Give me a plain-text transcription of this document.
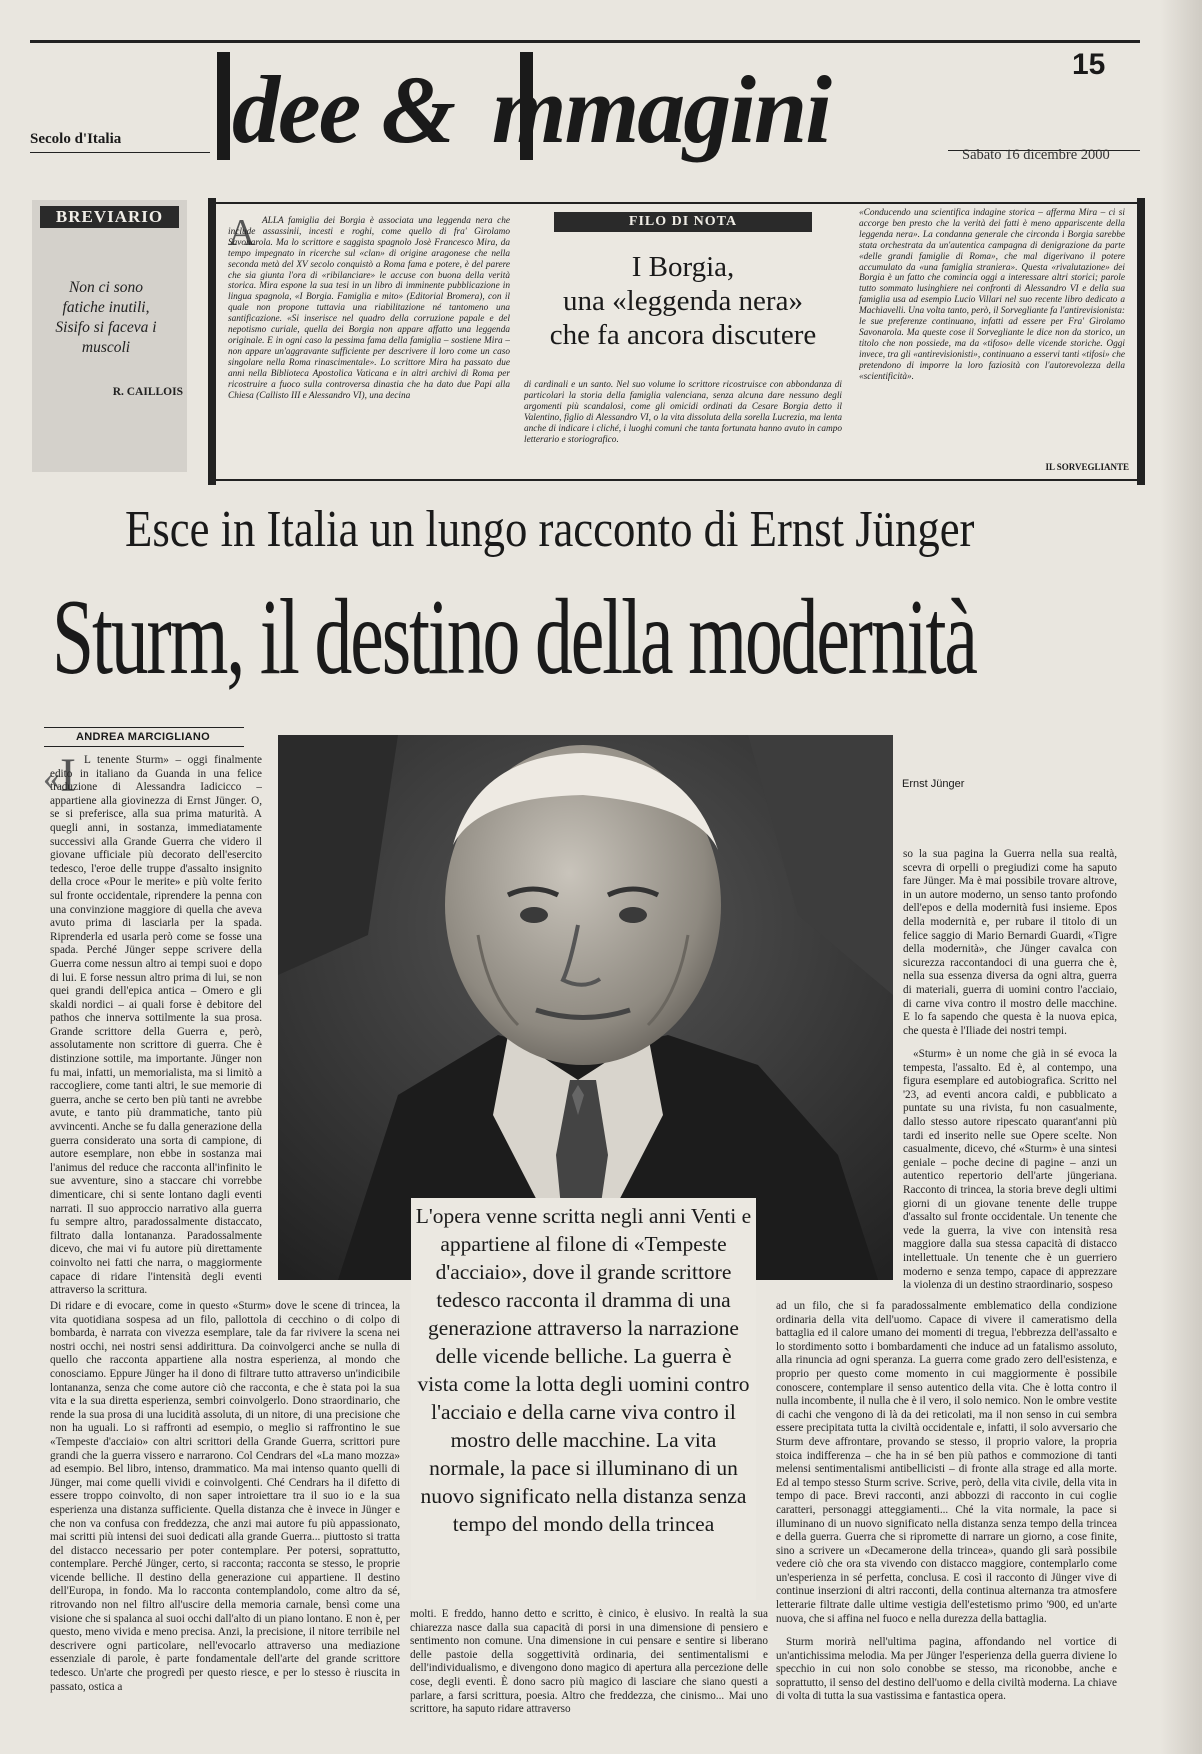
15
Secolo d'Italia dee & mmagini	Sabato 16 dicembre 2000
BREVIARIO
Non ci sono fatiche inutili, Sisifo si faceva i muscoli
R. CAILLOIS
A ALLA famiglia dei Borgia è associata una leggenda nera che include assassinii, incesti e roghi, come quello di fra' Girolamo Savonarola. Ma lo scrittore e saggista spagnolo Josè Francesco Mira, da tempo impegnato in ricerche sul «clan» di origine aragonese che nella seconda metà del XV secolo conquistò a Roma fama e potere, è del parere che sia giunta l'ora di «ribilanciare» le accuse con buona della verità storica. Mira espone la sua tesi in un libro di imminente pubblicazione in lingua spagnola, «I Borgia. Famiglia e mito» (Editorial Bromera), con il quale non propone tuttavia una riabilitazione né tantomeno una santificazione. «Si inserisce nel quadro della corruzione papale e del nepotismo curiale, quella dei Borgia non appare affatto una leggenda originale. E in ogni caso la pessima fama della famiglia – sostiene Mira – non appare un'aggravante sufficiente per descrivere il loro come un caso singolare nella Roma rinascimentale». Lo scrittore Mira ha passato due anni nella Biblioteca Apostolica Vaticana e in altri archivi di Roma per ricostruire a fuoco sulla controversa dinastia che ha dato due Papi alla Chiesa (Callisto III e Alessandro VI), una decina
FILO DI NOTA
I Borgia,
una «leggenda nera»
che fa ancora discutere
di cardinali e un santo. Nel suo volume lo scrittore ricostruisce con abbondanza di particolari la storia della famiglia valenciana, senza alcuna dare nessuno degli argomenti più scandalosi, come gli omicidi ordinati da Cesare Borgia detto il Valentino, figlio di Alessandro VI, o la vita dissoluta della sorella Lucrezia, ma lenta anche di indicare i cliché, i luoghi comuni che tanta fortunata hanno avuto in campo letterario e storiografico.
«Conducendo una scientifica indagine storica – afferma Mira – ci si accorge ben presto che la verità dei fatti è meno appariscente della leggenda nera». La condanna generale che circonda i Borgia sarebbe stata orchestrata da un'autentica campagna di denigrazione da parte «delle grandi famiglie di Roma», che mal digerivano il potere accumulato da «una famiglia straniera». Questa «rivalutazione» dei Borgia è un fatto che comincia oggi a interessare altri storici; parole tutto sommato lusinghiere nei confronti di Alessandro VI e della sua famiglia usa ad esempio Lucio Villari nel suo recente libro dedicato a Machiavelli. Una volta tanto, però, il Sorvegliante fa l'antirevisionista: le sue preferenze continuano, infatti ad essere per Fra' Girolamo Savonarola. Ma queste cose il Sorvegliante le dice non da storico, un titolo che non possiede, ma da «tifoso» delle vicende storiche. Oggi invece, tra gli «antirevisionisti», continuano a esservi tanti «tifosi» che pretendono di imporre la loro faziosità con l'autorevolezza della «scientificità».
IL SORVEGLIANTE
Esce in Italia un lungo racconto di Ernst Jünger
Sturm, il destino della modernità
ANDREA MARCIGLIANO
Ernst Jünger
L'opera venne scritta negli anni Venti e appartiene al filone di «Tempeste d'acciaio», dove il grande scrittore tedesco racconta il dramma di una generazione attraverso la narrazione delle vicende belliche. La guerra è vista come la lotta degli uomini contro l'acciaio e della carne viva contro il mostro delle macchine. La vita normale, la pace si illuminano di un nuovo significato nella distanza senza tempo del mondo della trincea
« I L tenente Sturm» – oggi finalmente edito in italiano da Guanda in una felice traduzione di Alessandra Iadicicco – appartiene alla giovinezza di Ernst Jünger. O, se si preferisce, alla sua prima maturità. A quegli anni, in sostanza, immediatamente successivi alla Grande Guerra che videro il giovane ufficiale più decorato dell'esercito tedesco, l'eroe delle truppe d'assalto insignito della croce «Pour le merite» e più volte ferito sul fronte occidentale, riprendere la penna con una convinzione maggiore di quella che aveva avuto prima di lasciarla per la spada. Riprenderla ed usarla però come se fosse una spada. Perché Jünger seppe scrivere della Guerra come nessun altro ai tempi suoi e dopo di lui. E forse nessun altro prima di lui, se non quei grandi dell'epica antica – Omero e gli skaldi nordici – ai quali forse è debitore del pathos che innerva sottilmente la sua prosa. Grande scrittore della Guerra e, però, assolutamente non scrittore di guerra. Che è distinzione sottile, ma importante. Jünger non fu mai, infatti, un memorialista, ma si limitò a raccogliere, come tanti altri, le sue memorie di guerra, anche se certo ben più tanti ne avrebbe avute, e tanto più drammatiche, tanto più avvincenti. Anche se fu dalla generazione della guerra considerato una sorta di campione, di autore esemplare, non ebbe in sostanza mai l'animus del reduce che racconta all'infinito le sue avventure, sino a staccare chi vorrebbe dimenticare, chi si sente lontano dagli eventi narrati. Il suo approccio narrativo alla guerra fu sempre altro, paradossalmente distaccato, filtrato dalla lontananza. Paradossalmente dicevo, che mai vi fu autore più direttamente coinvolto nei fatti che narra, o maggiormente capace di ridare l'intensità degli eventi attraverso la scrittura.
Di ridare e di evocare, come in questo «Sturm» dove le scene di trincea, la vita quotidiana sospesa ad un filo, pallottola di cecchino o di colpo di bombarda, è narrata con vivezza esemplare, tale da far rivivere la scena nei nostri occhi, nei nostri sensi addirittura. Da coinvolgerci anche se nulla di quello che racconta appartiene alla nostra esperienza, al mondo che conosciamo. Eppure Jünger ha il dono di filtrare tutto attraverso un'indicibile lontananza, senza che come autore ciò che racconta, e che è stata poi la sua vita e la sua diretta esperienza, sembri coinvolgerlo. Dono straordinario, che rende la sua prosa di una lucidità assoluta, di un nitore, di una precisione che non ha uguali. Lo si raffronti ad esempio, o meglio si raffrontino le sue «Tempeste d'acciaio» con altri scrittori della Grande Guerra, scrittori pure grandi che la guerra vissero e narrarono. Col Cendrars del «La mano mozza» ad esempio. Bel libro, intenso, drammatico. Ma mai intenso quanto quelli di Jünger, mai come quelli vividi e coinvolgenti. Ché Cendrars ha il difetto di essere troppo coinvolto, di non saper introiettare tra il suo io e la sua esperienza una distanza sufficiente. Quella distanza che è invece in Jünger e che non va confusa con freddezza, che anzi mai autore fu più appassionato, mai scritti più intensi dei suoi dedicati alla grande Guerra... piuttosto si tratta del distacco necessario per poter contemplare. Per potersi, soprattutto, contemplare. Perché Jünger, certo, si racconta; racconta se stesso, le proprie vicende belliche. Il destino della generazione cui appartiene. Il destino dell'Europa, in fondo. Ma lo racconta contemplandolo, come altro da sé, ritrovando non nel filtro all'uscire della memoria carnale, bensì come una visione che si spalanca al suoi occhi dall'alto di un piano lontano. E non è, per questo, meno vivida e meno precisa. Anzi, la precisione, il nitore terribile nel descrivere ogni particolare, nell'evocarlo attraverso una mediazione essenziale di parole, è parte fondamentale dell'arte del grande scrittore tedesco. Un'arte che progredì per questo riesce, e per lo stesso è riuscita in passato, ostica a
molti. E freddo, hanno detto e scritto, è cinico, è elusivo. In realtà la sua chiarezza nasce dalla sua capacità di porsi in una dimensione di pensiero e sentimento non comune. Una dimensione in cui pensare e sentire si liberano delle pastoie della soggettività ordinaria, dei sentimentalismi e dell'individualismo, e divengono dono magico di apertura alla percezione delle cose, degli eventi. È dono sacro più magico di lasciare che siano questi a parlare, a farsi scrittura, poesia. Altro che freddezza, che cinismo... Mai uno scrittore, ha saputo ridare attraverso
so la sua pagina la Guerra nella sua realtà, scevra di orpelli o pregiudizi come ha saputo fare Jünger. Ma è mai possibile trovare altrove, in un autore moderno, un senso tanto profondo dell'epos e della modernità fusi insieme. Epos della modernità e, per rubare il titolo di un felice saggio di Mario Bernardi Guardi, «Tigre della modernità», che Jünger cavalca con sicurezza raccontandoci di una guerra che è, nella sua essenza diversa da ogni altra, guerra di materiali, guerra di uomini contro l'acciaio, di carne viva contro il mostro delle macchine. E lo fa sapendo che questa è la nuova epica, che questa è l'Iliade dei nostri tempi.
«Sturm» è un nome che già in sé evoca la tempesta, l'assalto. Ed è, al contempo, una figura esemplare ed autobiografica. Scritto nel '23, ad eventi ancora caldi, e pubblicato a puntate su una rivista, fu non casualmente, dallo stesso autore ripescato quarant'anni più tardi ed inserito nelle sue Opere scelte. Non casualmente, dicevo, ché «Sturm» è una sintesi geniale – poche decine di pagine – anzi un autentico repertorio dell'arte jüngeriana. Racconto di trincea, la storia breve degli ultimi giorni di un giovane tenente delle truppe d'assalto sul fronte occidentale. Un tenente che vede la guerra, la vive con intensità resa maggiore dalla sua stessa capacità di distacco intellettuale. Un tenente che è un guerriero moderno e senza tempo, capace di apprezzare la violenza di un destino straordinario, sospeso
ad un filo, che si fa paradossalmente emblematico della condizione ordinaria della vita dell'uomo. Capace di vivere il cameratismo della battaglia ed il calore umano dei momenti di tregua, l'ebbrezza dell'assalto e lo stordimento sotto i bombardamenti che induce ad un fatalismo assoluto, alla rinuncia ad ogni speranza. La guerra come grado zero dell'esistenza, e proprio per questo come momento in cui maggiormente è possibile conoscere, contemplare il senso autentico della vita. Che è lotta contro il nulla incombente, il nulla che è il vero, il solo nemico. Non le ombre vestite di cachi che vengono di là da dei reticolati, ma il non senso in cui sembra essere precipitata tutta la civiltà occidentale e, infatti, il solo avversario che Sturm deve affrontare, provando se stesso, il proprio valore, la propria stoica indifferenza – che ha in sé ben più pathos e commozione di tanti melensi sentimentalismi antibellicisti – di fronte alla strage ed alla morte. Ed al tempo stesso Sturm scrive. Scrive, però, della vita civile, della vita in tempo di pace. Brevi racconti, anzi abbozzi di racconto in cui coglie caratteri, personaggi atteggiamenti... Ché la vita normale, la pace si illuminano di un nuovo significato nella distanza senza tempo della trincea e della guerra. Guerra che si ripromette di narrare un giorno, a cose finite, sino a scrivere un «Decamerone della trincea», quando gli sarà possibile vedere ciò che ora sta vivendo con distacco maggiore, contemplarlo come un'esperienza in sé perfetta, conclusa. E così il racconto di Jünger vive di continue inserzioni di altri racconti, della continua alternanza tra atmosfere letterarie filtrate dalle ultime vestigia dell'estetismo primo '900, ed un'arte nuova, che si affina nel fuoco e nella durezza della battaglia.
Sturm morirà nell'ultima pagina, affondando nel vortice di un'antichissima melodia. Ma per Jünger l'esperienza della guerra diviene lo specchio in cui non solo conobbe se stesso, ma riconobbe, anche e soprattutto, il senso del destino dell'uomo e della civiltà moderna. La chiave di volta di tutta la sua vastissima e fantastica opera.
